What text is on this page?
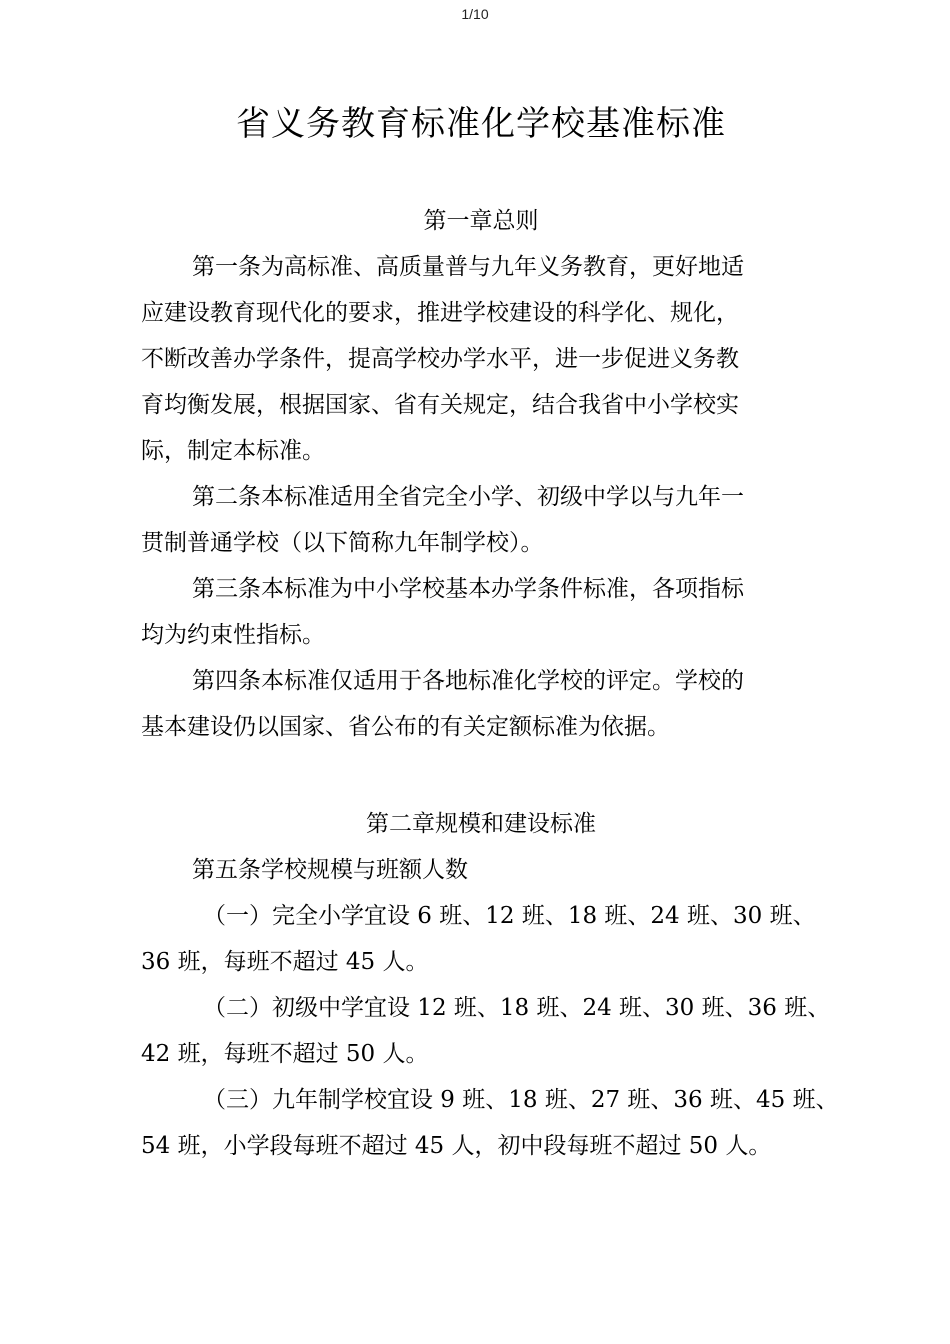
1/10
省义务教育标准化学校基准标准
第一章总则
第一条为高标准、高质量普与九年义务教育，更好地适
应建设教育现代化的要求，推进学校建设的科学化、规化，
不断改善办学条件，提高学校办学水平，进一步促进义务教
育均衡发展，根据国家、省有关规定，结合我省中小学校实
际，制定本标准。
第二条本标准适用全省完全小学、初级中学以与九年一
贯制普通学校（以下简称九年制学校）。
第三条本标准为中小学校基本办学条件标准，各项指标
均为约束性指标。
第四条本标准仅适用于各地标准化学校的评定。学校的
基本建设仍以国家、省公布的有关定额标准为依据。
第二章规模和建设标准
第五条学校规模与班额人数
（一）完全小学宜设 6 班、12 班、18 班、24 班、30 班、
36 班，每班不超过 45 人。
（二）初级中学宜设 12 班、18 班、24 班、30 班、36 班、
42 班，每班不超过 50 人。
（三）九年制学校宜设 9 班、18 班、27 班、36 班、45 班、
54 班，小学段每班不超过 45 人，初中段每班不超过 50 人。
